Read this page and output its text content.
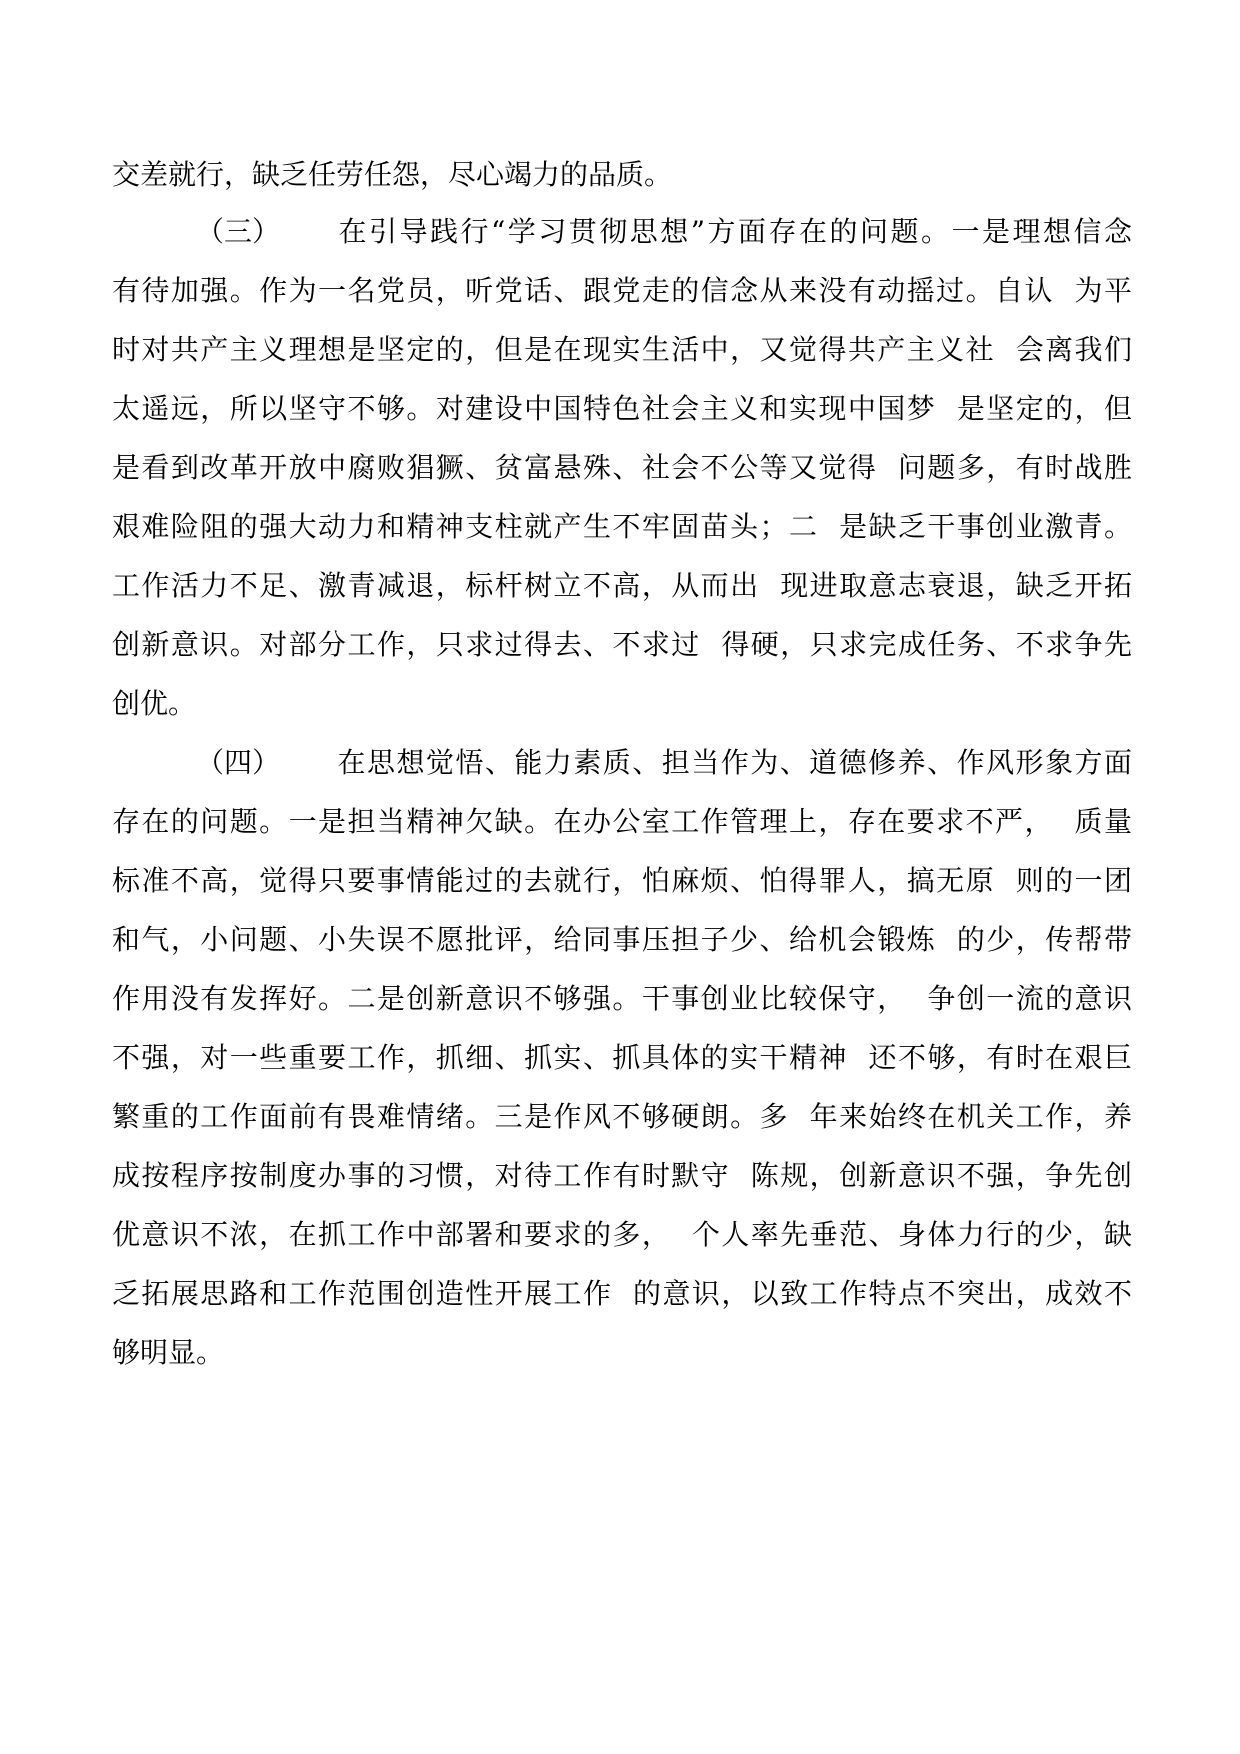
交差就行，缺乏任劳任怨，尽心竭力的品质。
（三） 在引导践行“学习贯彻思想”方面存在的问题。一是理想信念
有待加强。作为一名党员，听党话、跟党走的信念从来没有动摇过。自认  为平
时对共产主义理想是坚定的，但是在现实生活中，又觉得共产主义社  会离我们
太遥远，所以坚守不够。对建设中国特色社会主义和实现中国梦  是坚定的，但
是看到改革开放中腐败猖獗、贫富悬殊、社会不公等又觉得  问题多，有时战胜
艰难险阻的强大动力和精神支柱就产生不牢固苗头；二  是缺乏干事创业激青。
工作活力不足、激青减退，标杆树立不高，从而出  现进取意志衰退，缺乏开拓
创新意识。对部分工作，只求过得去、不求过  得硬，只求完成任务、不求争先
创优。
（四） 在思想觉悟、能力素质、担当作为、道德修养、作风形象方面
存在的问题。一是担当精神欠缺。在办公室工作管理上，存在要求不严，  质量
标准不高，觉得只要事情能过的去就行，怕麻烦、怕得罪人，搞无原  则的一团
和气，小问题、小失误不愿批评，给同事压担子少、给机会锻炼  的少，传帮带
作用没有发挥好。二是创新意识不够强。干事创业比较保守，  争创一流的意识
不强，对一些重要工作，抓细、抓实、抓具体的实干精神  还不够，有时在艰巨
繁重的工作面前有畏难情绪。三是作风不够硬朗。多  年来始终在机关工作，养
成按程序按制度办事的习惯，对待工作有时默守  陈规，创新意识不强，争先创
优意识不浓，在抓工作中部署和要求的多，  个人率先垂范、身体力行的少，缺
乏拓展思路和工作范围创造性开展工作  的意识，以致工作特点不突出，成效不
够明显。
